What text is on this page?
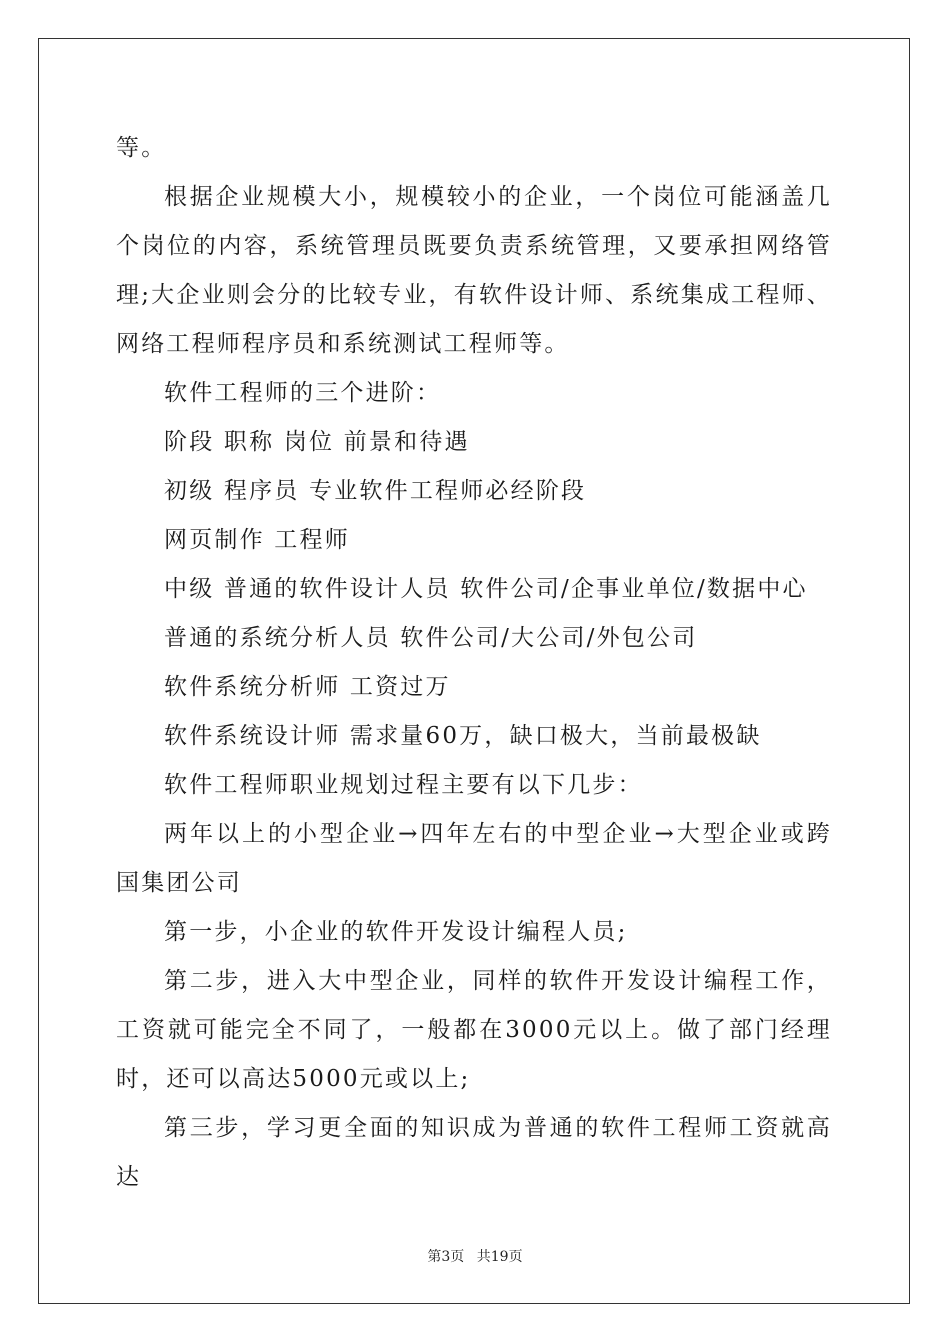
等。

根据企业规模大小，规模较小的企业，一个岗位可能涵盖几个岗位的内容，系统管理员既要负责系统管理，又要承担网络管理;大企业则会分的比较专业，有软件设计师、系统集成工程师、网络工程师程序员和系统测试工程师等。

软件工程师的三个进阶：

阶段 职称 岗位 前景和待遇

初级 程序员 专业软件工程师必经阶段

网页制作 工程师

中级 普通的软件设计人员 软件公司/企事业单位/数据中心

普通的系统分析人员 软件公司/大公司/外包公司

软件系统分析师 工资过万

软件系统设计师 需求量60万，缺口极大，当前最极缺

软件工程师职业规划过程主要有以下几步：

两年以上的小型企业→四年左右的中型企业→大型企业或跨国集团公司

第一步，小企业的软件开发设计编程人员;

第二步，进入大中型企业，同样的软件开发设计编程工作，工资就可能完全不同了，一般都在3000元以上。做了部门经理时，还可以高达5000元或以上;

第三步，学习更全面的知识成为普通的软件工程师工资就高达

第3页 共19页
